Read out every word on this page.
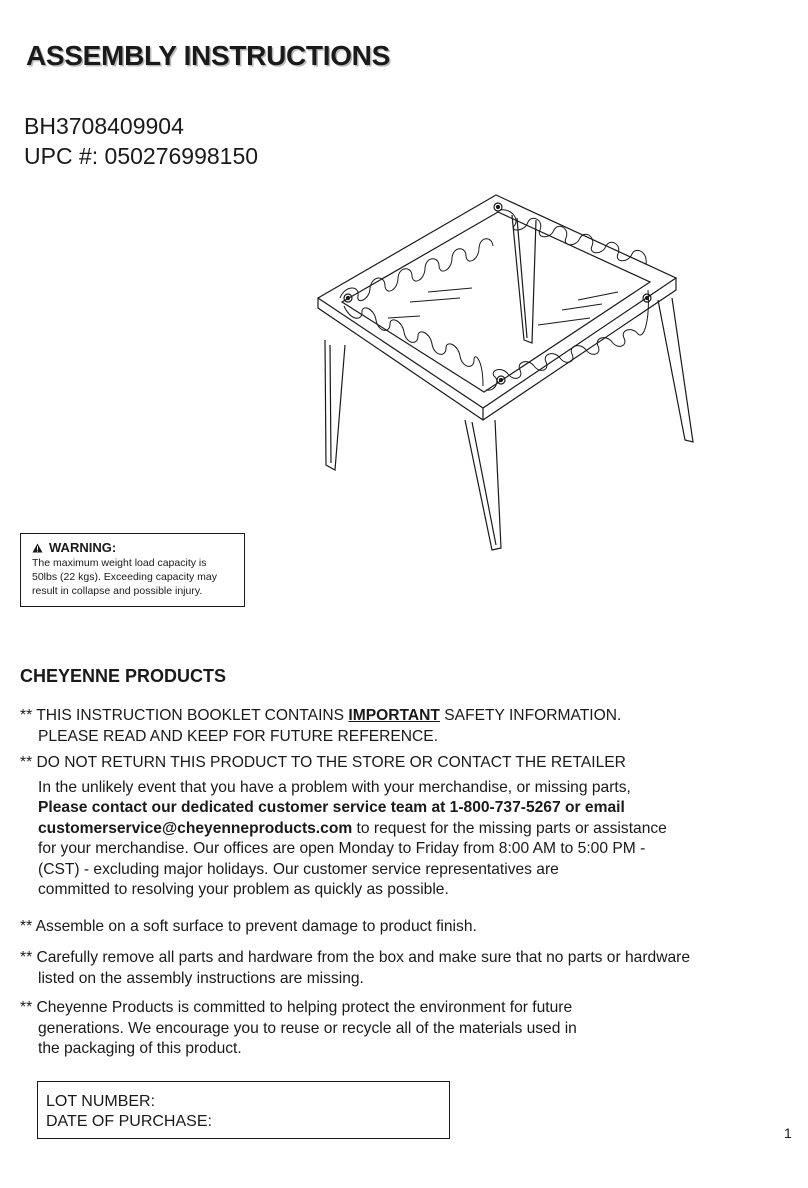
ASSEMBLY INSTRUCTIONS
BH3708409904
UPC #: 050276998150
WARNING:
The maximum weight load capacity is
50lbs (22 kgs). Exceeding capacity may
result in collapse and possible injury.
CHEYENNE PRODUCTS
** THIS INSTRUCTION BOOKLET CONTAINS IMPORTANT SAFETY INFORMATION.
PLEASE READ AND KEEP FOR FUTURE REFERENCE.
** DO NOT RETURN THIS PRODUCT TO THE STORE OR CONTACT THE RETAILER
In the unlikely event that you have a problem with your merchandise, or missing parts,
Please contact our dedicated customer service team at 1-800-737-5267 or email
customerservice@cheyenneproducts.com to request for the missing parts or assistance
for your merchandise. Our offices are open Monday to Friday from 8:00 AM to 5:00 PM -
(CST) - excluding major holidays. Our customer service representatives are
committed to resolving your problem as quickly as possible.
** Assemble on a soft surface to prevent damage to product finish.
** Carefully remove all parts and hardware from the box and make sure that no parts or hardware
listed on the assembly instructions are missing.
** Cheyenne Products is committed to helping protect the environment for future
generations. We encourage you to reuse or recycle all of the materials used in
the packaging of this product.
LOT NUMBER:
DATE OF PURCHASE:
1
